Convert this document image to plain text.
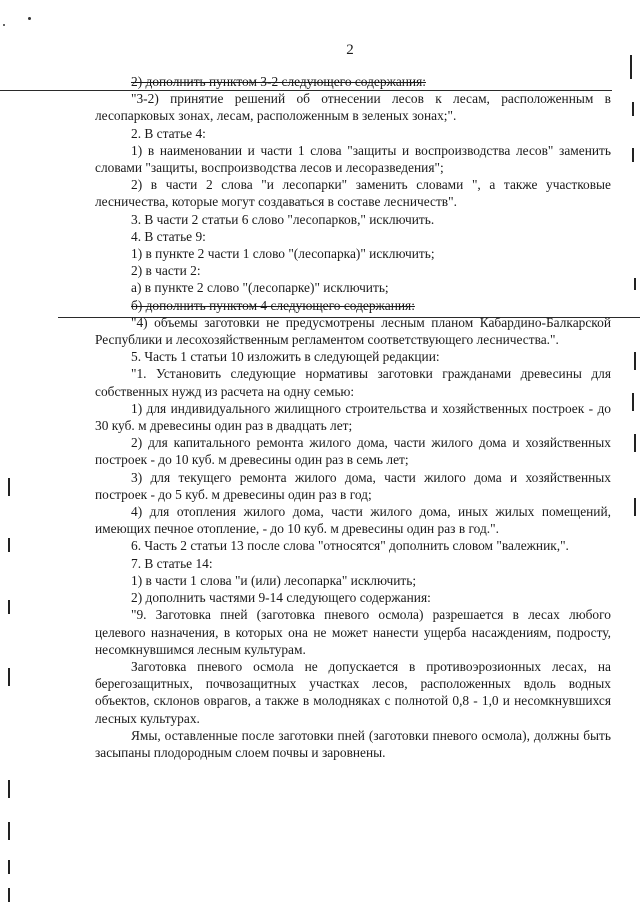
2

2) дополнить пунктом 3-2 следующего содержания:

"3-2) принятие решений об отнесении лесов к лесам, расположенным в лесопарковых зонах, лесам, расположенным в зеленых зонах;".

2. В статье 4:

1) в наименовании и части 1 слова "защиты и воспроизводства лесов" заменить словами "защиты, воспроизводства лесов и лесоразведения";

2) в части 2 слова "и лесопарки" заменить словами ", а также участковые лесничества, которые могут создаваться в составе лесничеств".

3. В части 2 статьи 6 слово "лесопарков," исключить.

4. В статье 9:

1) в пункте 2 части 1 слово "(лесопарка)" исключить;

2) в части 2:

а) в пункте 2 слово "(лесопарке)" исключить;

б) дополнить пунктом 4 следующего содержания:

"4) объемы заготовки не предусмотрены лесным планом Кабардино-Балкарской Республики и лесохозяйственным регламентом соответствующего лесничества.".

5. Часть 1 статьи 10 изложить в следующей редакции:

"1. Установить следующие нормативы заготовки гражданами древесины для собственных нужд из расчета на одну семью:

1) для индивидуального жилищного строительства и хозяйственных построек - до 30 куб. м древесины один раз в двадцать лет;

2) для капитального ремонта жилого дома, части жилого дома и хозяйственных построек - до 10 куб. м древесины один раз в семь лет;

3) для текущего ремонта жилого дома, части жилого дома и хозяйственных построек - до 5 куб. м древесины один раз в год;

4) для отопления жилого дома, части жилого дома, иных жилых помещений, имеющих печное отопление, - до 10 куб. м древесины один раз в год.".

6. Часть 2 статьи 13 после слова "относятся" дополнить словом "валежник,".

7. В статье 14:

1) в части 1 слова "и (или) лесопарка" исключить;

2) дополнить частями 9-14 следующего содержания:

"9. Заготовка пней (заготовка пневого осмола) разрешается в лесах любого целевого назначения, в которых она не может нанести ущерба насаждениям, подросту, несомкнувшимся лесным культурам.

Заготовка пневого осмола не допускается в противоэрозионных лесах, на берегозащитных, почвозащитных участках лесов, расположенных вдоль водных объектов, склонов оврагов, а также в молодняках с полнотой 0,8 - 1,0 и несомкнувшихся лесных культурах.

Ямы, оставленные после заготовки пней (заготовки пневого осмола), должны быть засыпаны плодородным слоем почвы и заровнены.
